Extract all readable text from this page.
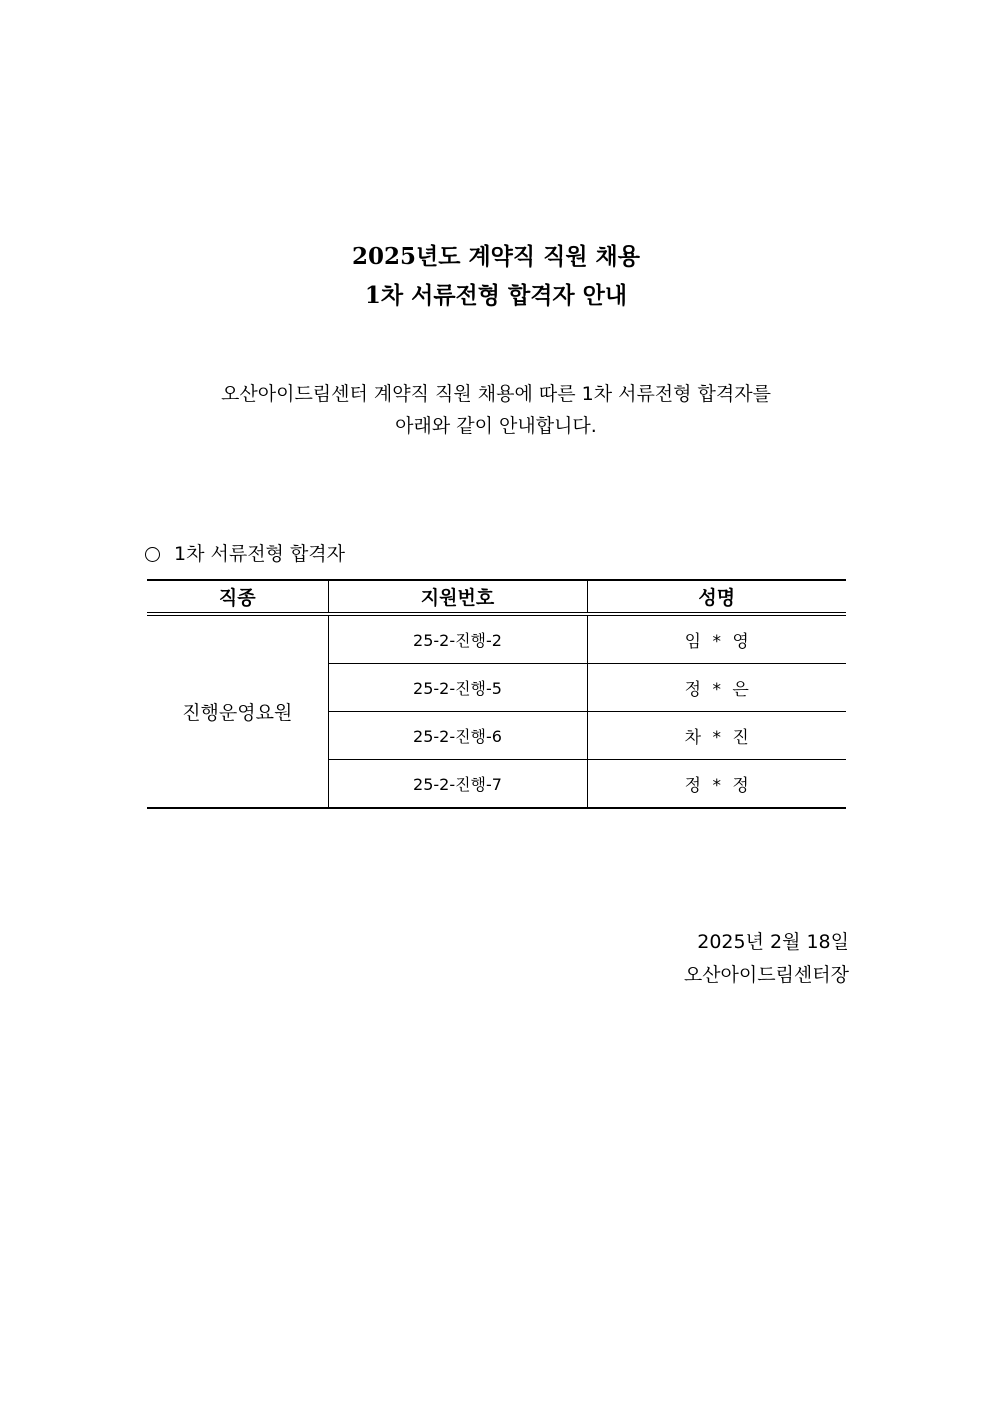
2025년도 계약직 직원 채용
1차 서류전형 합격자 안내
오산아이드림센터 계약직 직원 채용에 따른 1차 서류전형 합격자를
아래와 같이 안내합니다.
1차 서류전형 합격자
직종	지원번호	성명
진행운영요원	25-2-진행-2	임 * 영
	25-2-진행-5	정 * 은
	25-2-진행-6	차 * 진
	25-2-진행-7	정 * 정
2025년 2월 18일
오산아이드림센터장
